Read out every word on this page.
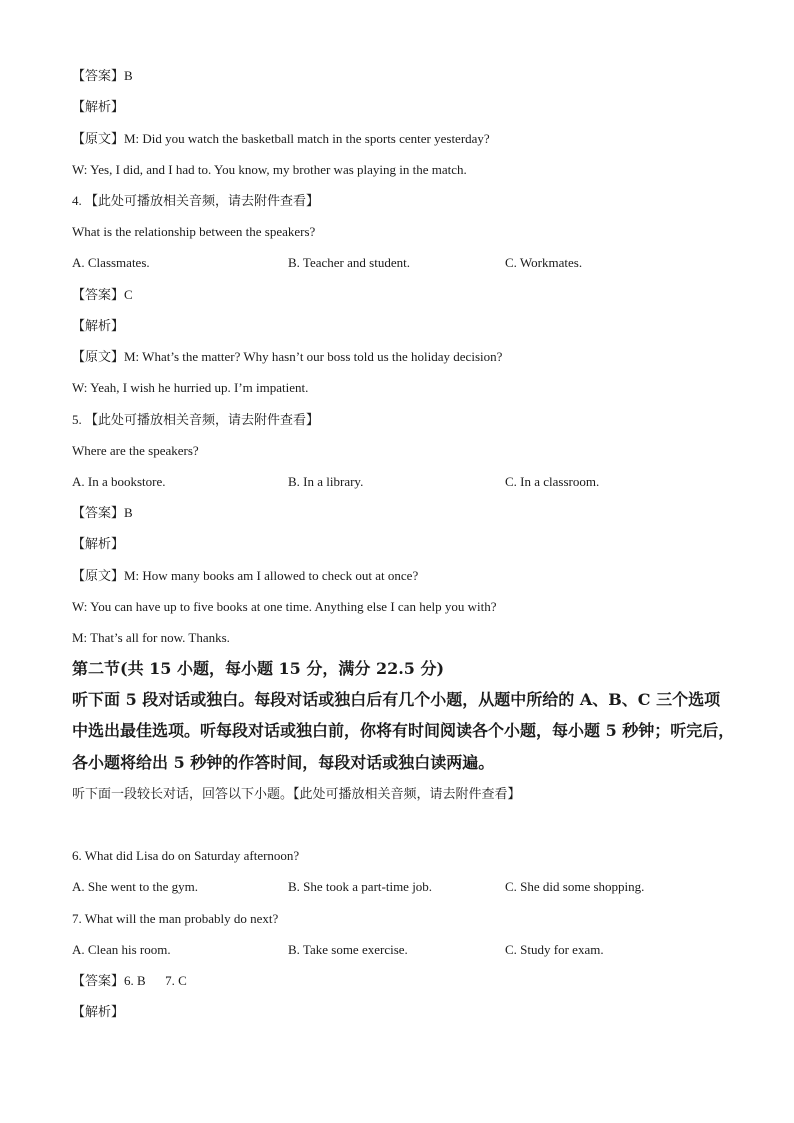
【答案】B
【解析】
【原文】M: Did you watch the basketball match in the sports center yesterday?
W: Yes, I did, and I had to. You know, my brother was playing in the match.
4. 【此处可播放相关音频，请去附件查看】
What is the relationship between the speakers?
A. Classmates.	B. Teacher and student.	C. Workmates.
【答案】C
【解析】
【原文】M: What’s the matter? Why hasn’t our boss told us the holiday decision?
W: Yeah, I wish he hurried up. I’m impatient.
5. 【此处可播放相关音频，请去附件查看】
Where are the speakers?
A. In a bookstore.	B. In a library.	C. In a classroom.
【答案】B
【解析】
【原文】M: How many books am I allowed to check out at once?
W: You can have up to five books at one time. Anything else I can help you with?
M: That’s all for now. Thanks.
第二节(共 15 小题，每小题 15 分，满分 22.5 分)
听下面 5 段对话或独白。每段对话或独白后有几个小题，从题中所给的 A、B、C 三个选项
中选出最佳选项。听每段对话或独白前，你将有时间阅读各个小题，每小题 5 秒钟；听完后，
各小题将给出 5 秒钟的作答时间，每段对话或独白读两遍。
听下面一段较长对话，回答以下小题。【此处可播放相关音频，请去附件查看】
6. What did Lisa do on Saturday afternoon?
A. She went to the gym.	B. She took a part-time job.	C. She did some shopping.
7. What will the man probably do next?
A. Clean his room.	B. Take some exercise.	C. Study for exam.
【答案】6. B      7. C
【解析】
